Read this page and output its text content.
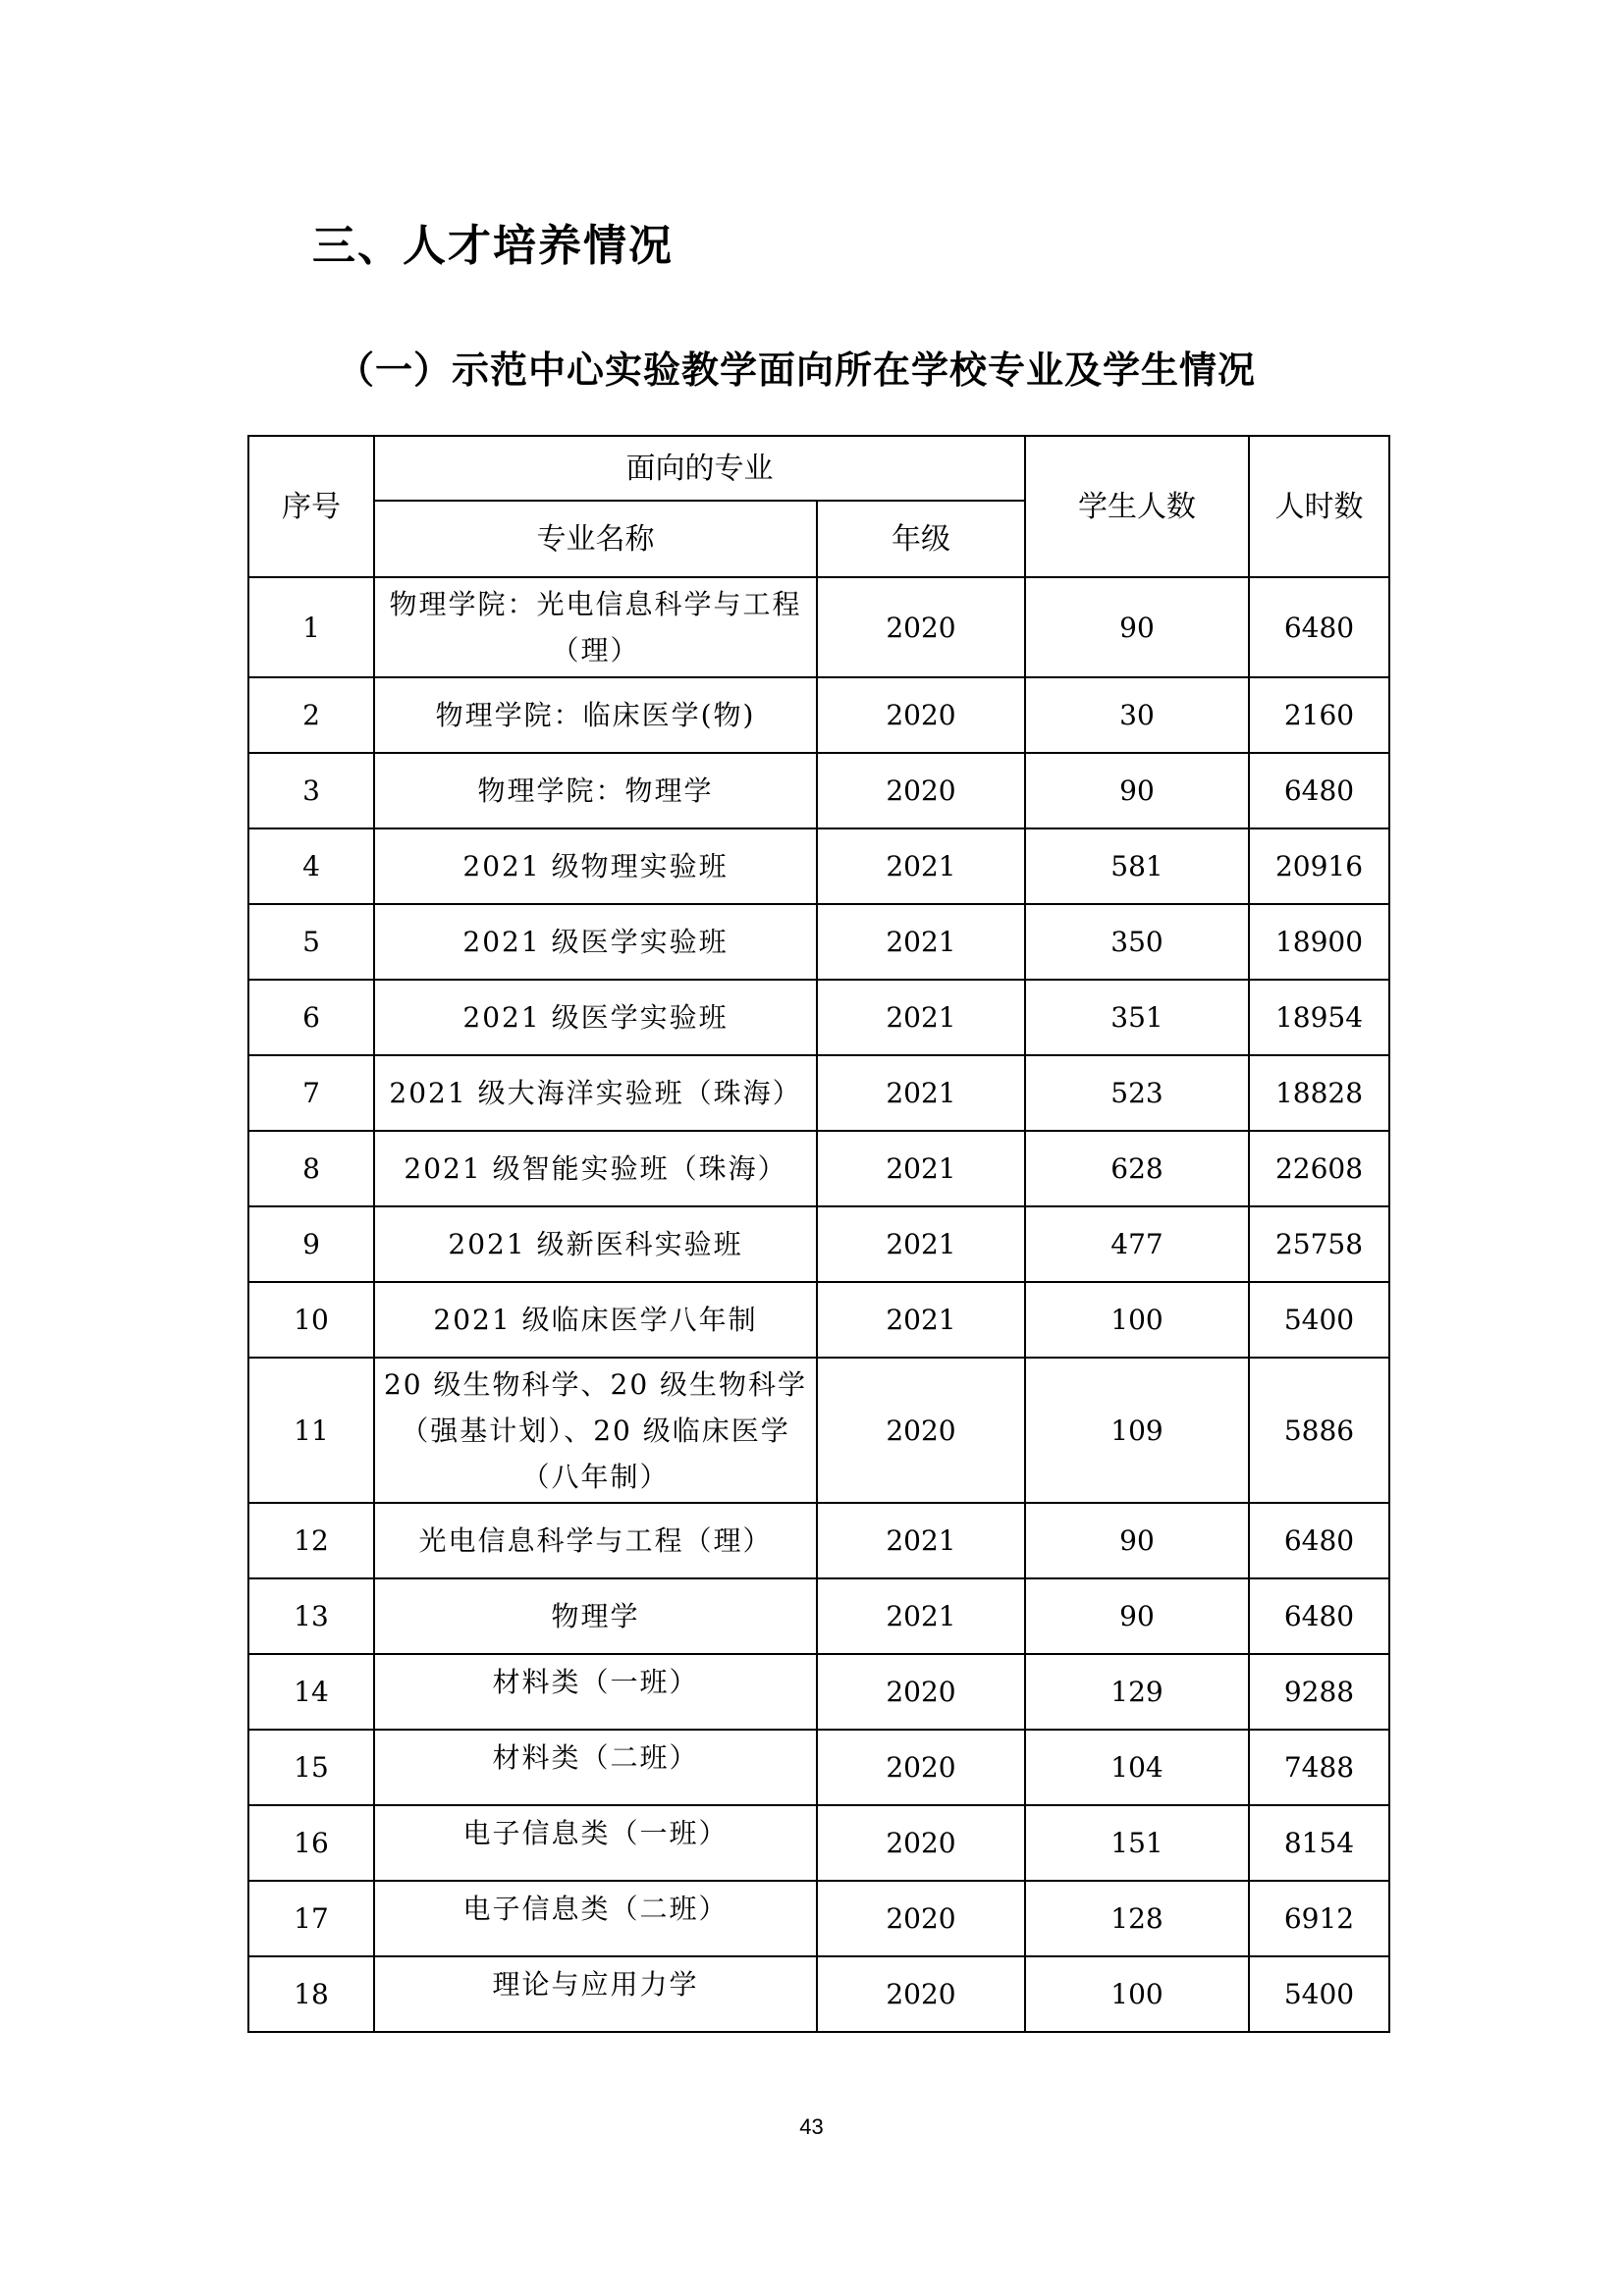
三、人才培养情况
（一）示范中心实验教学面向所在学校专业及学生情况
序号	面向的专业		学生人数	人时数
	专业名称	年级		
1	物理学院：光电信息科学与工程（理）	2020	90	6480
2	物理学院：临床医学(物)	2020	30	2160
3	物理学院：物理学	2020	90	6480
4	2021 级物理实验班	2021	581	20916
5	2021 级医学实验班	2021	350	18900
6	2021 级医学实验班	2021	351	18954
7	2021 级大海洋实验班（珠海）	2021	523	18828
8	2021 级智能实验班（珠海）	2021	628	22608
9	2021 级新医科实验班	2021	477	25758
10	2021 级临床医学八年制	2021	100	5400
11	20 级生物科学、20 级生物科学（强基计划）、20 级临床医学（八年制）	2020	109	5886
12	光电信息科学与工程（理）	2021	90	6480
13	物理学	2021	90	6480
14	材料类（一班）	2020	129	9288
15	材料类（二班）	2020	104	7488
16	电子信息类（一班）	2020	151	8154
17	电子信息类（二班）	2020	128	6912
18	理论与应用力学	2020	100	5400
43
